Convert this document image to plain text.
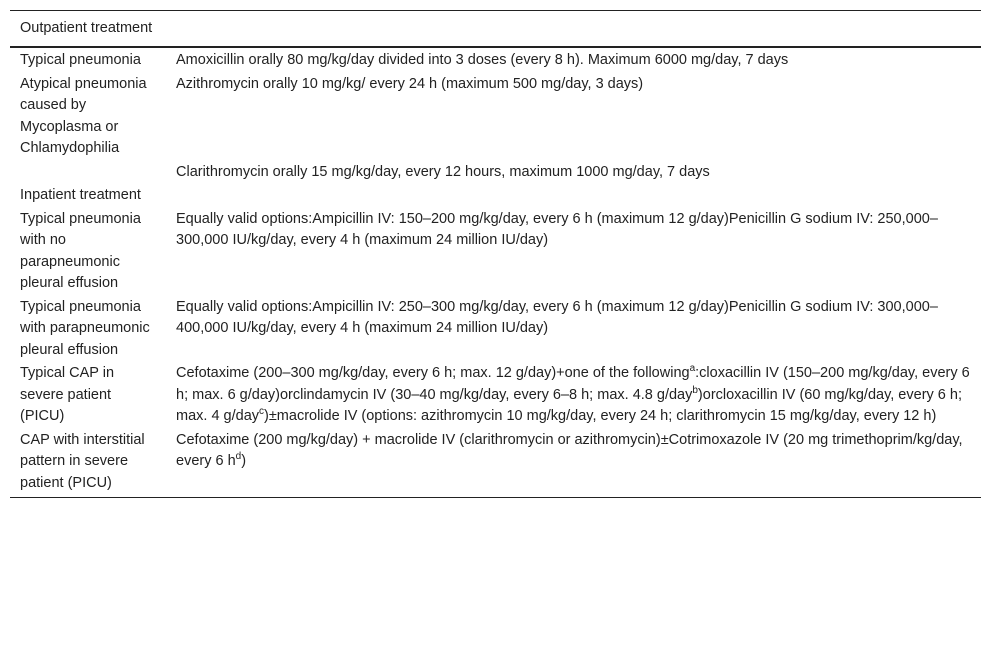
Outpatient treatment	
Typical pneumonia	Amoxicillin orally 80 mg/kg/day divided into 3 doses (every 8 h). Maximum 6000 mg/day, 7 days
Atypical pneumonia caused by Mycoplasma or Chlamydophilia	Azithromycin orally 10 mg/kg/ every 24 h (maximum 500 mg/day, 3 days)
	Clarithromycin orally 15 mg/kg/day, every 12 hours, maximum 1000 mg/day, 7 days
Inpatient treatment	
Typical pneumonia with no parapneumonic pleural effusion	Equally valid options:Ampicillin IV: 150–200 mg/kg/day, every 6 h (maximum 12 g/day)Penicillin G sodium IV: 250,000–300,000 IU/kg/day, every 4 h (maximum 24 million IU/day)
Typical pneumonia with parapneumonic pleural effusion	Equally valid options:Ampicillin IV: 250–300 mg/kg/day, every 6 h (maximum 12 g/day)Penicillin G sodium IV: 300,000–400,000 IU/kg/day, every 4 h (maximum 24 million IU/day)
Typical CAP in severe patient (PICU)	Cefotaxime (200–300 mg/kg/day, every 6 h; max. 12 g/day)+one of the following$^a$:cloxacillin IV (150–200 mg/kg/day, every 6 h; max. 6 g/day)orclindamycin IV (30–40 mg/kg/day, every 6–8 h; max. 4.8 g/day$^b$)orcloxacillin IV (60 mg/kg/day, every 6 h; max. 4 g/day$^c$)±macrolide IV (options: azithromycin 10 mg/kg/day, every 24 h; clarithromycin 15 mg/kg/day, every 12 h)
CAP with interstitial pattern in severe patient (PICU)	Cefotaxime (200 mg/kg/day) + macrolide IV (clarithromycin or azithromycin)±Cotrimoxazole IV (20 mg trimethoprim/kg/day, every 6 $h^d$)
